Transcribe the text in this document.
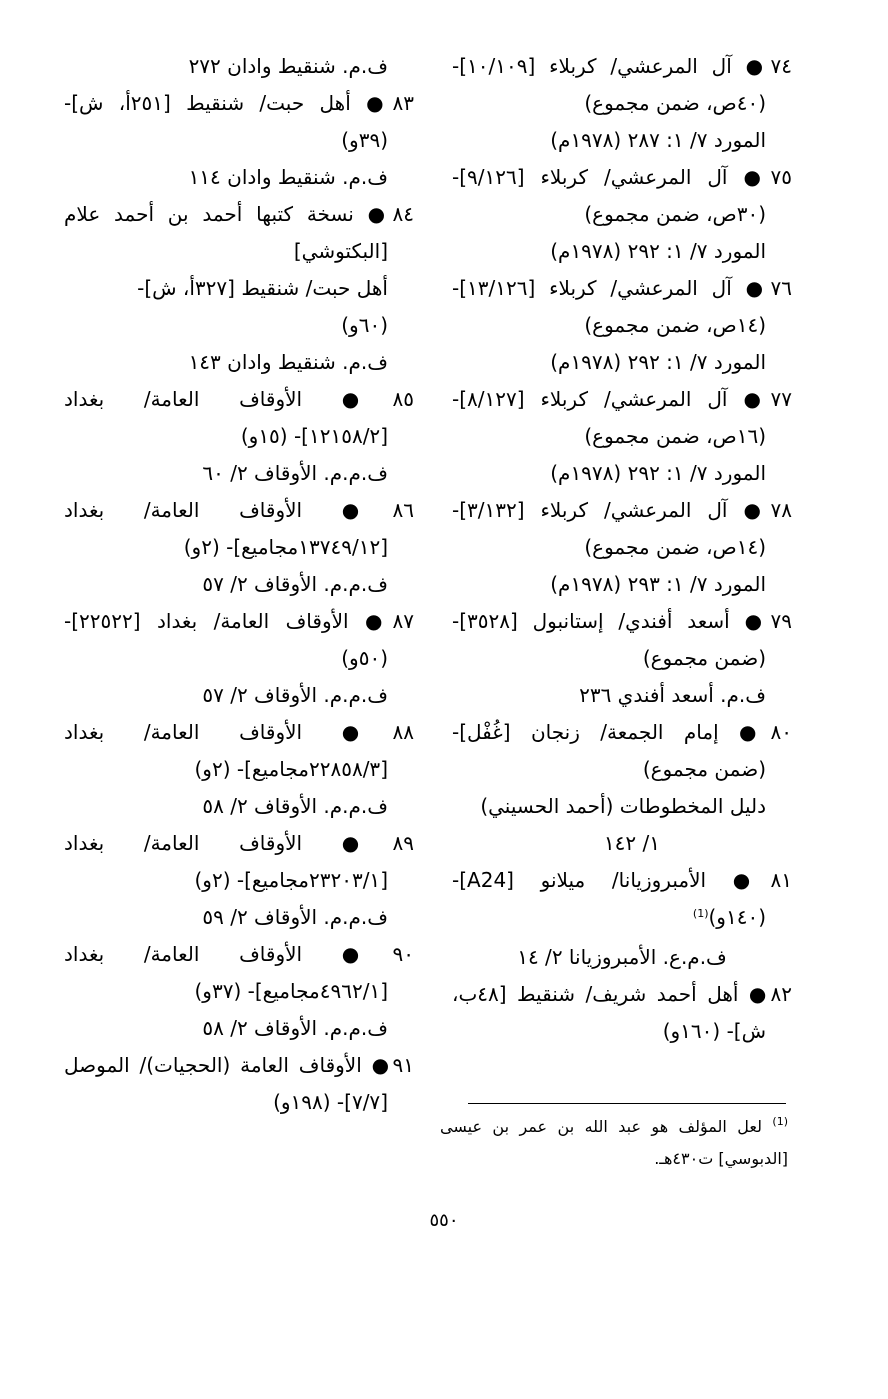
٧٤● آل المرعشي/ كربلاء [١٠/١٠٩]-
(٤٠ص، ضمن مجموع)
المورد ٧/ ١: ٢٨٧ (١٩٧٨م)
٧٥● آل المرعشي/ كربلاء [٩/١٢٦]-
(٣٠ص، ضمن مجموع)
المورد ٧/ ١: ٢٩٢ (١٩٧٨م)
٧٦● آل المرعشي/ كربلاء [١٣/١٢٦]-
(١٤ص، ضمن مجموع)
المورد ٧/ ١: ٢٩٢ (١٩٧٨م)
٧٧● آل المرعشي/ كربلاء [٨/١٢٧]-
(١٦ص، ضمن مجموع)
المورد ٧/ ١: ٢٩٢ (١٩٧٨م)
٧٨● آل المرعشي/ كربلاء [٣/١٣٢]-
(١٤ص، ضمن مجموع)
المورد ٧/ ١: ٢٩٣ (١٩٧٨م)
٧٩● أسعد أفندي/ إستانبول [٣٥٢٨]-
(ضمن مجموع)
ف.م. أسعد أفندي ٢٣٦
٨٠● إمام الجمعة/ زنجان [غُفْل]-
(ضمن مجموع)
دليل المخطوطات (أحمد الحسيني)
١/ ١٤٢
٨١● الأمبروزيانا/ ميلانو [A24]-
(١٤٠و)$^{(1)}$
ف.م.ع. الأمبروزيانا ٢/ ١٤
٨٢● أهل أحمد شريف/ شنقيط [٤٨ب،
ش]- (١٦٠و)
ف.م. شنقيط وادان ٢٧٢
٨٣● أهل حبت/ شنقيط [٢٥١أ، ش]-
(٣٩و)
ف.م. شنقيط وادان ١١٤
٨٤● نسخة كتبها أحمد بن أحمد علام
[البكتوشي]
أهل حبت/ شنقيط [٣٢٧أ، ش]-
(٦٠و)
ف.م. شنقيط وادان ١٤٣
٨٥● الأوقاف العامة/ بغداد
[١٢١٥٨/٢]- (١٥و)
ف.م.م. الأوقاف ٢/ ٦٠
٨٦● الأوقاف العامة/ بغداد
[١٣٧٤٩/١٢مجاميع]- (٢و)
ف.م.م. الأوقاف ٢/ ٥٧
٨٧● الأوقاف العامة/ بغداد [٢٢٥٢٢]-
(٥٠و)
ف.م.م. الأوقاف ٢/ ٥٧
٨٨● الأوقاف العامة/ بغداد
[٢٢٨٥٨/٣مجاميع]- (٢و)
ف.م.م. الأوقاف ٢/ ٥٨
٨٩● الأوقاف العامة/ بغداد
[٢٣٢٠٣/١مجاميع]- (٢و)
ف.م.م. الأوقاف ٢/ ٥٩
٩٠● الأوقاف العامة/ بغداد
[٤٩٦٢/١مجاميع]- (٣٧و)
ف.م.م. الأوقاف ٢/ ٥٨
٩١● الأوقاف العامة (الحجيات)/ الموصل
[٧/٧]- (١٩٨و)
$^{(1)}$ لعل المؤلف هو عبد الله بن عمر بن عيسى
[الدبوسي] ت٤٣٠هـ.
٥٥٠
